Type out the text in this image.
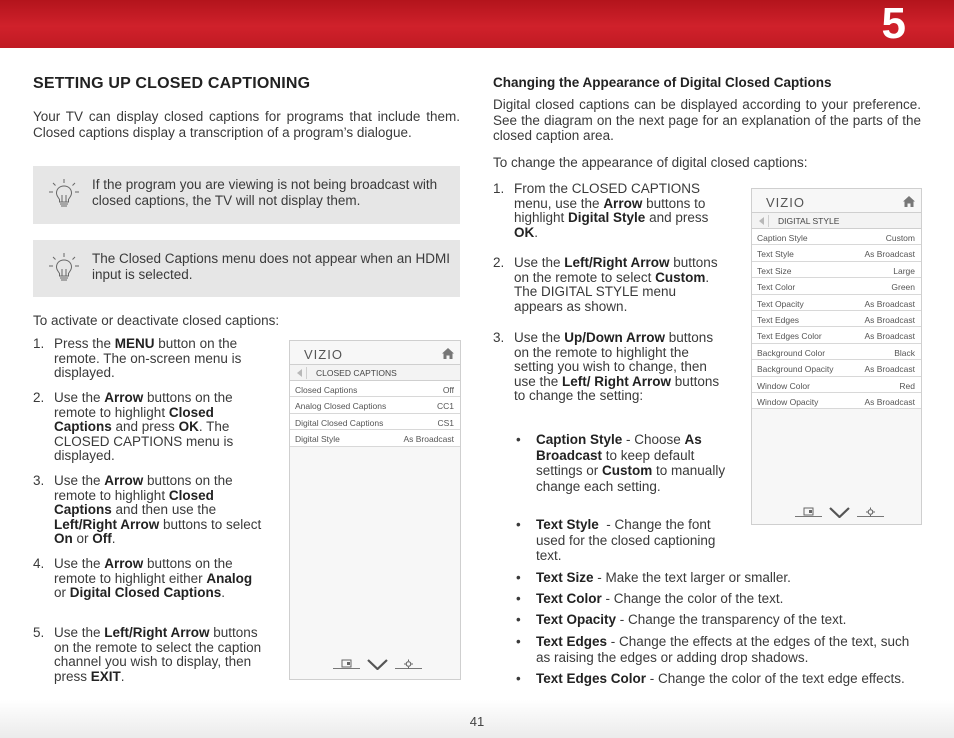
5
SETTING UP CLOSED CAPTIONING
Your TV can display closed captions for programs that include them. Closed captions display a transcription of a program’s dialogue.
If the program you are viewing is not being broadcast with closed captions, the TV will not display them.
The Closed Captions menu does not appear when an HDMI input is selected.
To activate or deactivate closed captions:
1. Press the MENU button on the remote. The on-screen menu is displayed.
2. Use the Arrow buttons on the remote to highlight Closed Captions and press OK. The CLOSED CAPTIONS menu is displayed.
3. Use the Arrow buttons on the remote to highlight Closed Captions and then use the Left/Right Arrow buttons to select On or Off.
4. Use the Arrow buttons on the remote to highlight either Analog or Digital Closed Captions.
5. Use the Left/Right Arrow buttons on the remote to select the caption channel you wish to display, then press EXIT.
VIZIO
CLOSED CAPTIONS
Closed Captions	Off
Analog Closed Captions	CC1
Digital Closed Captions	CS1
Digital Style	As Broadcast
Changing the Appearance of Digital Closed Captions
Digital closed captions can be displayed according to your preference. See the diagram on the next page for an explanation of the parts of the closed caption area.
To change the appearance of digital closed captions:
1. From the CLOSED CAPTIONS menu, use the Arrow buttons to highlight Digital Style and press OK.
2. Use the Left/Right Arrow buttons on the remote to select Custom. The DIGITAL STYLE menu appears as shown.
3. Use the Up/Down Arrow buttons on the remote to highlight the setting you wish to change, then use the Left/ Right Arrow buttons to change the setting:
• Caption Style - Choose As Broadcast to keep default settings or Custom to manually change each setting.
• Text Style  - Change the font used for the closed captioning text.
• Text Size - Make the text larger or smaller.
• Text Color - Change the color of the text.
• Text Opacity - Change the transparency of the text.
• Text Edges - Change the effects at the edges of the text, such as raising the edges or adding drop shadows.
• Text Edges Color - Change the color of the text edge effects.
VIZIO
DIGITAL STYLE
Caption Style	Custom
Text Style	As Broadcast
Text Size	Large
Text Color	Green
Text Opacity	As Broadcast
Text Edges	As Broadcast
Text Edges Color	As Broadcast
Background Color	Black
Background Opacity	As Broadcast
Window Color	Red
Window Opacity	As Broadcast
41
